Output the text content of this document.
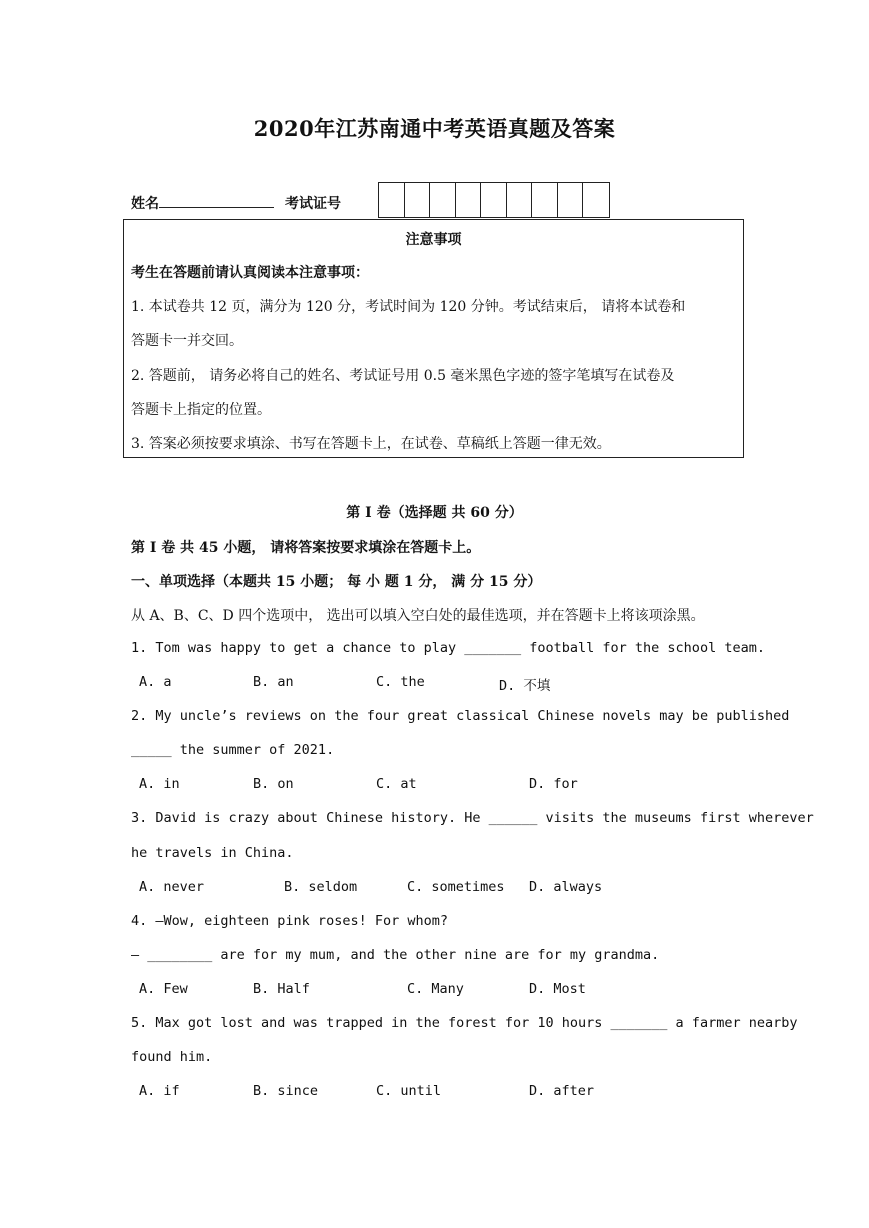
2020年江苏南通中考英语真题及答案
姓名	考试证号
注意事项
考生在答题前请认真阅读本注意事项：
1. 本试卷共 12 页，满分为 120 分，考试时间为 120 分钟。考试结束后， 请将本试卷和
答题卡一并交回。
2. 答题前， 请务必将自己的姓名、考试证号用 0.5 毫米黑色字迹的签字笔填写在试卷及
答题卡上指定的位置。
3. 答案必须按要求填涂、书写在答题卡上，在试卷、草稿纸上答题一律无效。
第 I 卷（选择题 共 60 分）
第 I 卷 共 45 小题， 请将答案按要求填涂在答题卡上。
一、单项选择（本题共 15 小题； 每 小 题 1 分， 满 分 15 分）
从 A、B、C、D 四个选项中， 选出可以填入空白处的最佳选项，并在答题卡上将该项涂黑。
1. Tom was happy to get a chance to play _______ football for the school team.
A. a	B. an	C. the	D. 不填
2. My uncle’s reviews on the four great classical Chinese novels may be published
_____ the summer of 2021.
A. in	B. on	C. at	D. for
3. David is crazy about Chinese history. He ______ visits the museums first wherever
he travels in China.
A. never	B. seldom	C. sometimes D. always
4. —Wow, eighteen pink roses! For whom?
— ________ are for my mum, and the other nine are for my grandma.
A. Few	B. Half	C. Many	D. Most
5. Max got lost and was trapped in the forest for 10 hours _______ a farmer nearby
found him.
A. if	B. since	C. until	D. after
